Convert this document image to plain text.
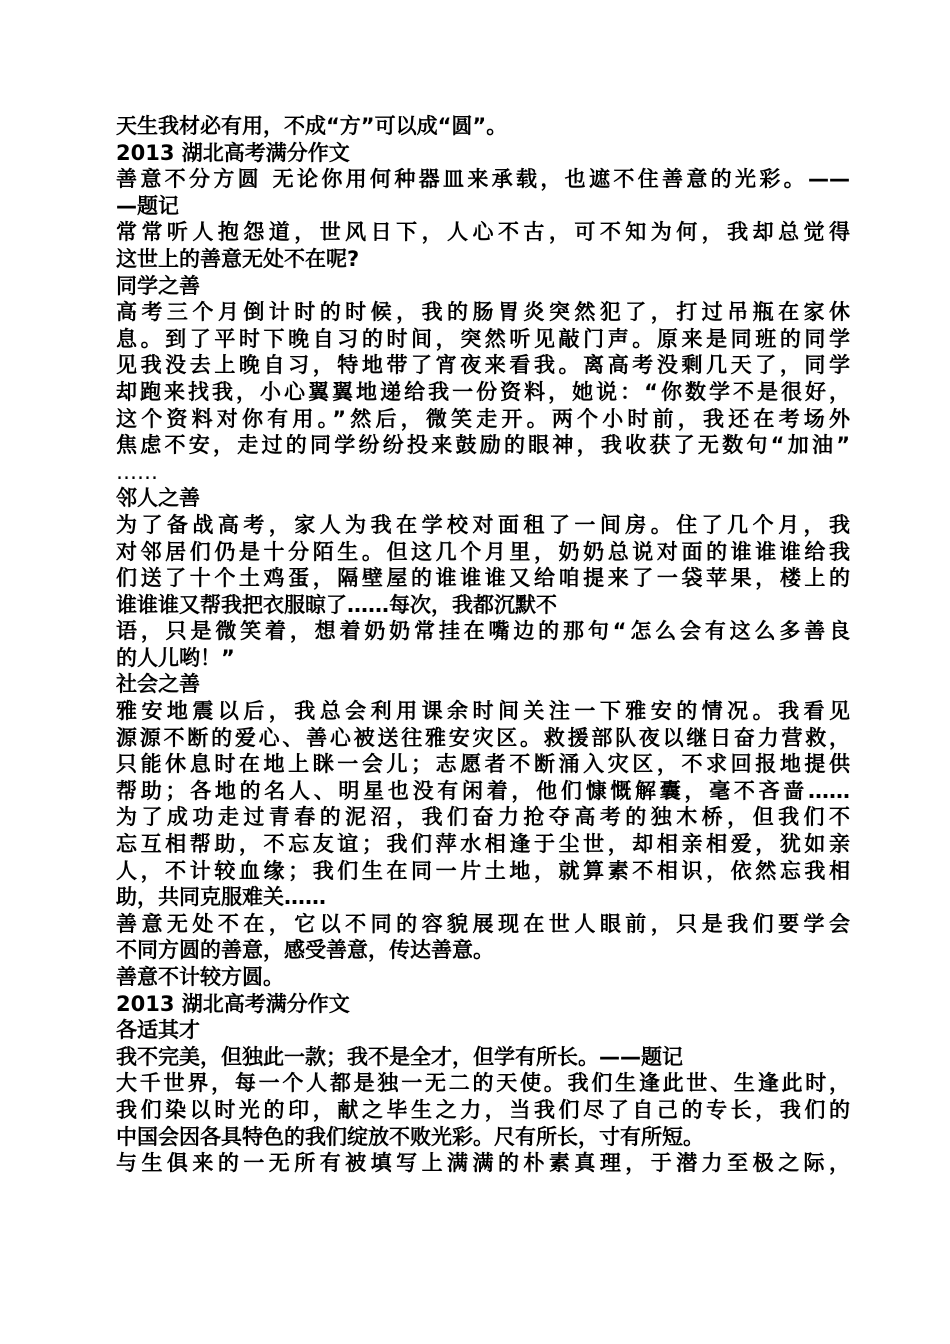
天生我材必有用，不成“方”可以成“圆”。

2013 湖北高考满分作文

善意不分方圆 无论你用何种器皿来承载，也遮不住善意的光彩。——

—题记

常常听人抱怨道，世风日下，人心不古，可不知为何，我却总觉得

这世上的善意无处不在呢?

同学之善

高考三个月倒计时的时候，我的肠胃炎突然犯了，打过吊瓶在家休

息。到了平时下晚自习的时间，突然听见敲门声。原来是同班的同学

见我没去上晚自习，特地带了宵夜来看我。离高考没剩几天了，同学

却跑来找我，小心翼翼地递给我一份资料，她说：“你数学不是很好，

这个资料对你有用。”然后，微笑走开。两个小时前，我还在考场外

焦虑不安，走过的同学纷纷投来鼓励的眼神，我收获了无数句“加油”

……

邻人之善

为了备战高考，家人为我在学校对面租了一间房。住了几个月，我

对邻居们仍是十分陌生。但这几个月里，奶奶总说对面的谁谁谁给我

们送了十个土鸡蛋，隔壁屋的谁谁谁又给咱提来了一袋苹果，楼上的

谁谁谁又帮我把衣服晾了……每次，我都沉默不

语，只是微笑着，想着奶奶常挂在嘴边的那句“怎么会有这么多善良

的人儿哟！”

社会之善

雅安地震以后，我总会利用课余时间关注一下雅安的情况。我看见

源源不断的爱心、善心被送往雅安灾区。救援部队夜以继日奋力营救，

只能休息时在地上眯一会儿；志愿者不断涌入灾区，不求回报地提供

帮助；各地的名人、明星也没有闲着，他们慷慨解囊，毫不吝啬……

为了成功走过青春的泥沼，我们奋力抢夺高考的独木桥，但我们不

忘互相帮助，不忘友谊；我们萍水相逢于尘世，却相亲相爱，犹如亲

人，不计较血缘；我们生在同一片土地，就算素不相识，依然忘我相

助，共同克服难关……

善意无处不在，它以不同的容貌展现在世人眼前，只是我们要学会

不同方圆的善意，感受善意，传达善意。

善意不计较方圆。

2013 湖北高考满分作文

各适其才

我不完美，但独此一款；我不是全才，但学有所长。——题记

大千世界，每一个人都是独一无二的天使。我们生逢此世、生逢此时，

我们染以时光的印，献之毕生之力，当我们尽了自己的专长，我们的

中国会因各具特色的我们绽放不败光彩。尺有所长，寸有所短。

与生俱来的一无所有被填写上满满的朴素真理，于潜力至极之际，
